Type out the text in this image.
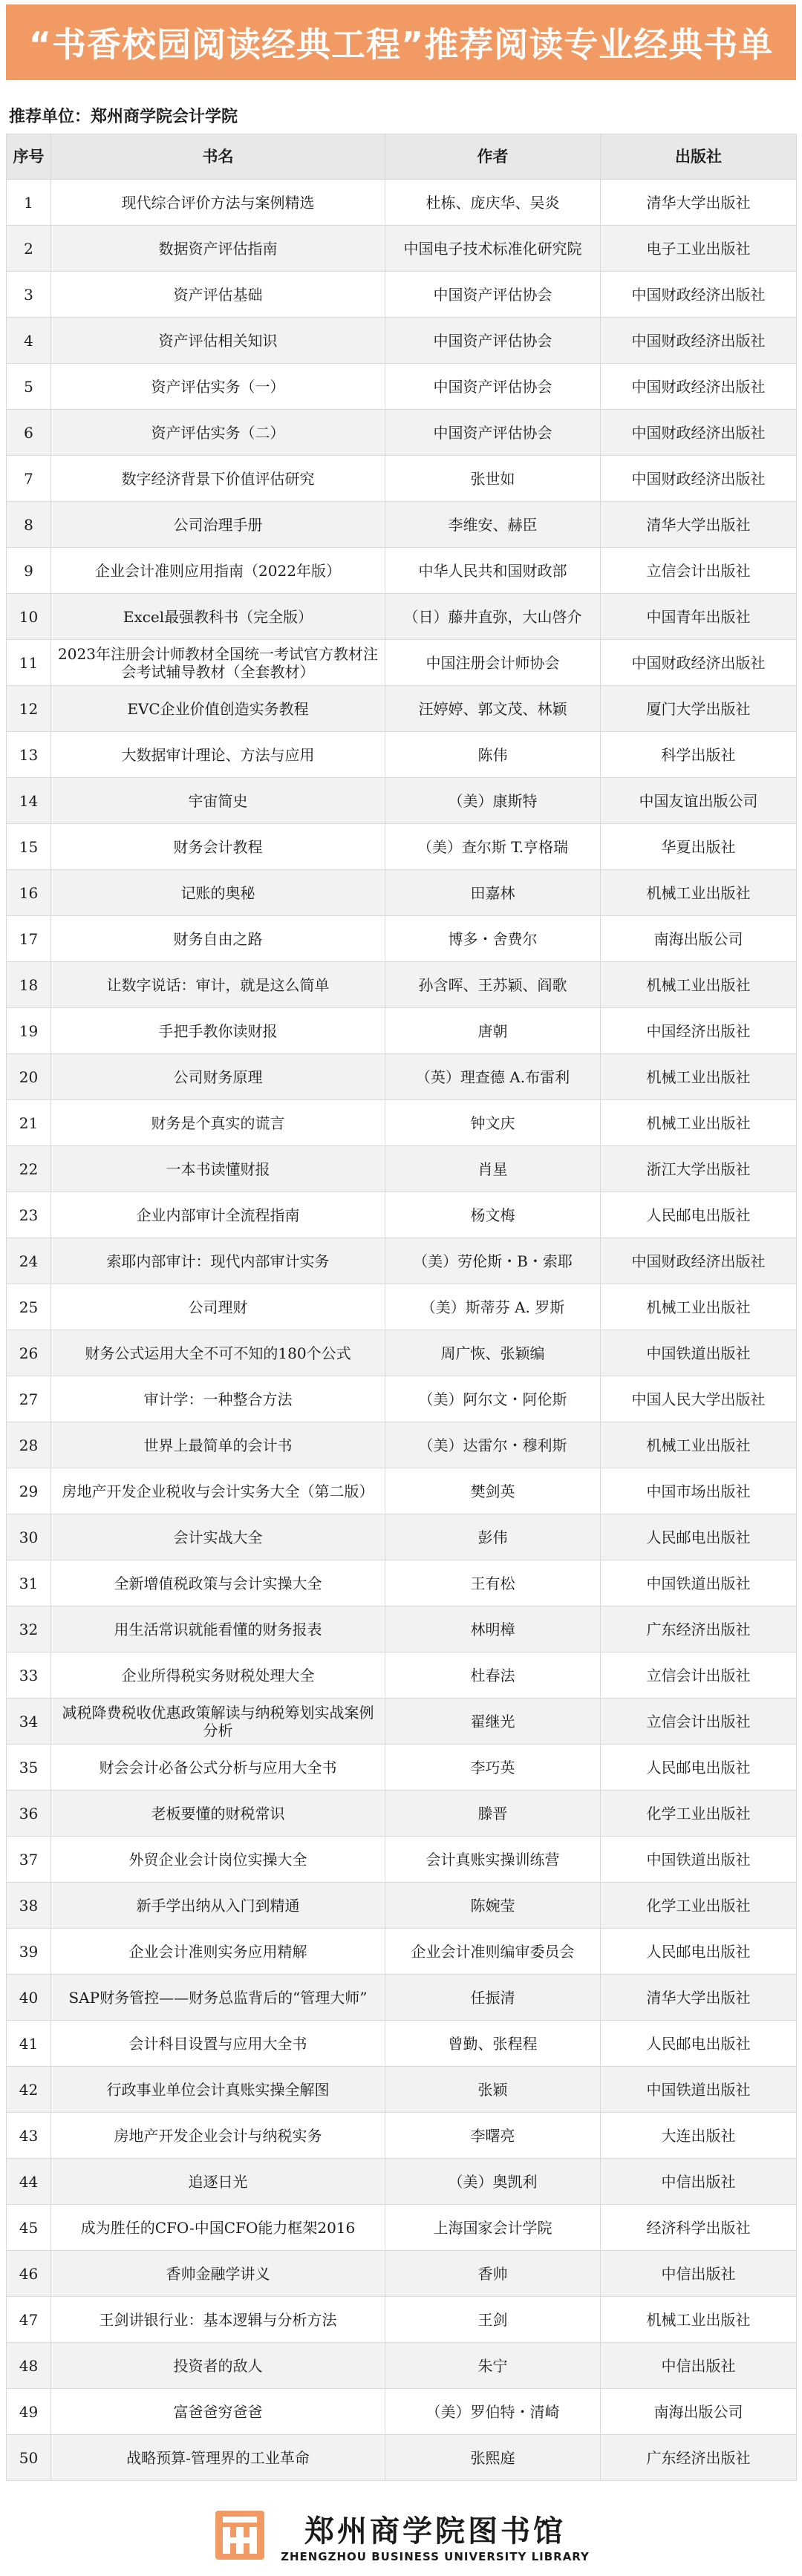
“书香校园阅读经典工程”推荐阅读专业经典书单
推荐单位：郑州商学院会计学院
序号	书名	作者	出版社
1	现代综合评价方法与案例精选	杜栋、庞庆华、吴炎	清华大学出版社
2	数据资产评估指南	中国电子技术标准化研究院	电子工业出版社
3	资产评估基础	中国资产评估协会	中国财政经济出版社
4	资产评估相关知识	中国资产评估协会	中国财政经济出版社
5	资产评估实务（一）	中国资产评估协会	中国财政经济出版社
6	资产评估实务（二）	中国资产评估协会	中国财政经济出版社
7	数字经济背景下价值评估研究	张世如	中国财政经济出版社
8	公司治理手册	李维安、赫臣	清华大学出版社
9	企业会计准则应用指南（2022年版）	中华人民共和国财政部	立信会计出版社
10	Excel最强教科书（完全版）	（日）藤井直弥，大山啓介	中国青年出版社
11	2023年注册会计师教材全国统一考试官方教材注会考试辅导教材（全套教材）	中国注册会计师协会	中国财政经济出版社
12	EVC企业价值创造实务教程	汪婷婷、郭文茂、林颖	厦门大学出版社
13	大数据审计理论、方法与应用	陈伟	科学出版社
14	宇宙简史	（美）康斯特	中国友谊出版公司
15	财务会计教程	（美）查尔斯 T.亨格瑞	华夏出版社
16	记账的奥秘	田嘉林	机械工业出版社
17	财务自由之路	博多・舍费尔	南海出版公司
18	让数字说话：审计，就是这么简单	孙含晖、王苏颖、阎歌	机械工业出版社
19	手把手教你读财报	唐朝	中国经济出版社
20	公司财务原理	（英）理查德 A.布雷利	机械工业出版社
21	财务是个真实的谎言	钟文庆	机械工业出版社
22	一本书读懂财报	肖星	浙江大学出版社
23	企业内部审计全流程指南	杨文梅	人民邮电出版社
24	索耶内部审计：现代内部审计实务	（美）劳伦斯・B・索耶	中国财政经济出版社
25	公司理财	（美）斯蒂芬 A. 罗斯	机械工业出版社
26	财务公式运用大全不可不知的180个公式	周广恢、张颖编	中国铁道出版社
27	审计学：一种整合方法	（美）阿尔文・阿伦斯	中国人民大学出版社
28	世界上最简单的会计书	（美）达雷尔・穆利斯	机械工业出版社
29	房地产开发企业税收与会计实务大全（第二版）	樊剑英	中国市场出版社
30	会计实战大全	彭伟	人民邮电出版社
31	全新增值税政策与会计实操大全	王有松	中国铁道出版社
32	用生活常识就能看懂的财务报表	林明樟	广东经济出版社
33	企业所得税实务财税处理大全	杜春法	立信会计出版社
34	减税降费税收优惠政策解读与纳税筹划实战案例分析	翟继光	立信会计出版社
35	财会会计必备公式分析与应用大全书	李巧英	人民邮电出版社
36	老板要懂的财税常识	滕晋	化学工业出版社
37	外贸企业会计岗位实操大全	会计真账实操训练营	中国铁道出版社
38	新手学出纳从入门到精通	陈婉莹	化学工业出版社
39	企业会计准则实务应用精解	企业会计准则编审委员会	人民邮电出版社
40	SAP财务管控——财务总监背后的“管理大师”	任振清	清华大学出版社
41	会计科目设置与应用大全书	曾勤、张程程	人民邮电出版社
42	行政事业单位会计真账实操全解图	张颖	中国铁道出版社
43	房地产开发企业会计与纳税实务	李曙亮	大连出版社
44	追逐日光	（美）奥凯利	中信出版社
45	成为胜任的CFO-中国CFO能力框架2016	上海国家会计学院	经济科学出版社
46	香帅金融学讲义	香帅	中信出版社
47	王剑讲银行业：基本逻辑与分析方法	王剑	机械工业出版社
48	投资者的敌人	朱宁	中信出版社
49	富爸爸穷爸爸	（美）罗伯特・清崎	南海出版公司
50	战略预算-管理界的工业革命	张熙庭	广东经济出版社
郑州商学院图书馆
ZHENGZHOU BUSINESS UNIVERSITY LIBRARY
